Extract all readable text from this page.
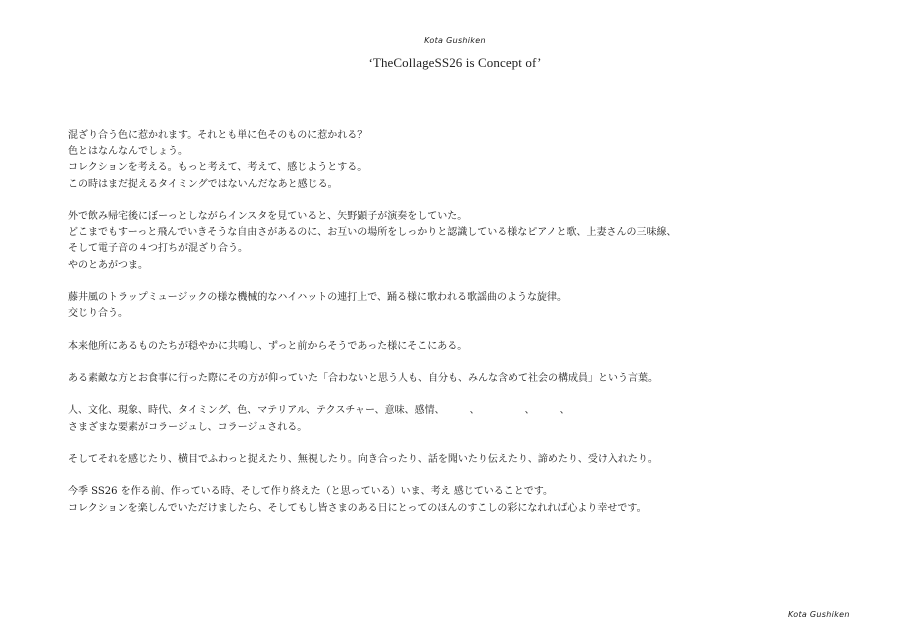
Kota Gushiken
‘TheCollageSS26 is Concept of’
混ざり合う色に惹かれます。それとも単に色そのものに惹かれる？
色とはなんなんでしょう。
コレクションを考える。もっと考えて、考えて、感じようとする。
この時はまだ捉えるタイミングではないんだなあと感じる。
外で飲み帰宅後にぼーっとしながらインスタを見ていると、矢野顕子が演奏をしていた。
どこまでもすーっと飛んでいきそうな自由さがあるのに、お互いの場所をしっかりと認識している様なピアノと歌、上妻さんの三味線、
そして電子音の４つ打ちが混ざり合う。
やのとあがつま。
藤井風のトラップミュージックの様な機械的なハイハットの連打上で、踊る様に歌われる歌謡曲のような旋律。
交じり合う。
本来他所にあるものたちが穏やかに共鳴し、ずっと前からそうであった様にそこにある。
ある素敵な方とお食事に行った際にその方が仰っていた「合わないと思う人も、自分も、みんな含めて社会の構成員」という言葉。
人、文化、現象、時代、タイミング、色、マテリアル、テクスチャー、意味、感情、　　　、　　　　　、　　　、
さまざまな要素がコラージュし、コラージュされる。
そしてそれを感じたり、横目でふわっと捉えたり、無視したり。向き合ったり、話を聞いたり伝えたり、諦めたり、受け入れたり。
今季 SS26 を作る前、作っている時、そして作り終えた（と思っている）いま、考え 感じていることです。
コレクションを楽しんでいただけましたら、そしてもし皆さまのある日にとってのほんのすこしの彩になれれば心より幸せです。
Kota Gushiken
